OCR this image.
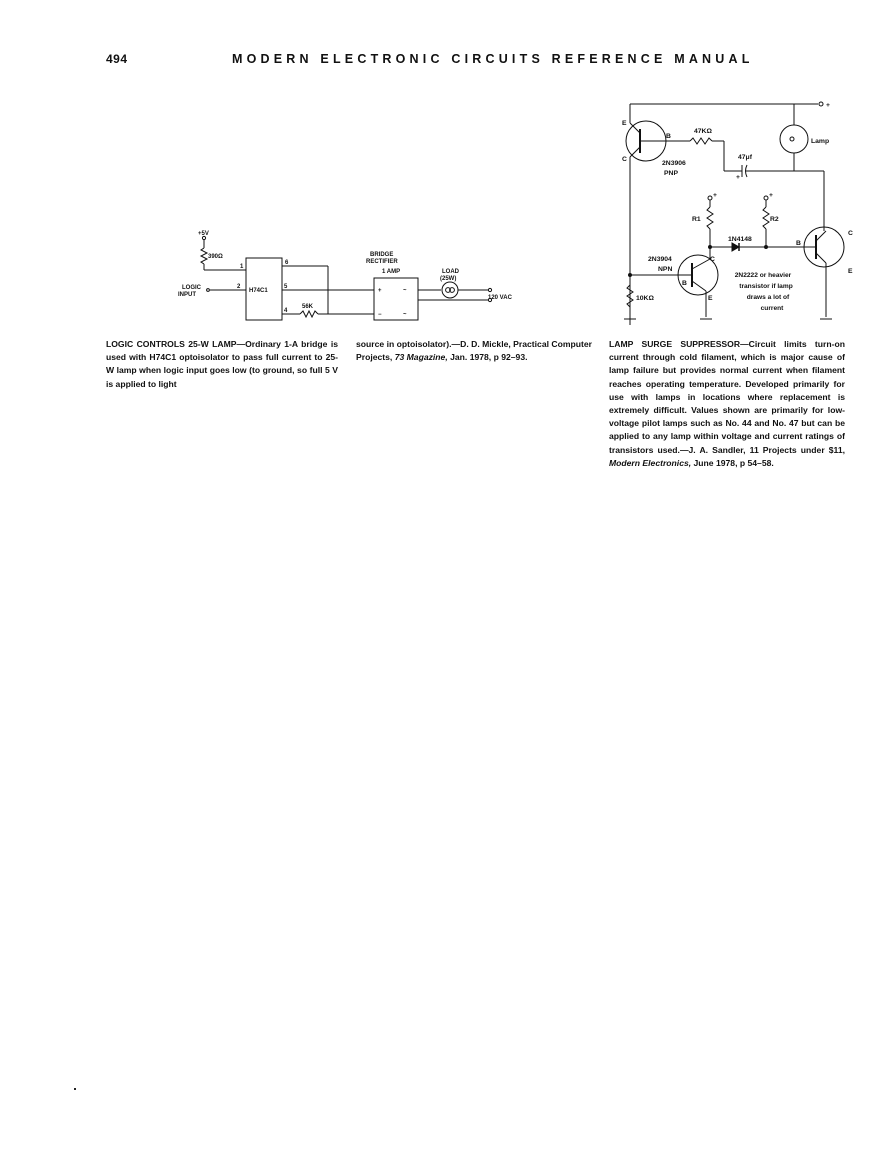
494	MODERN ELECTRONIC CIRCUITS REFERENCE MANUAL
+5V
390Ω
LOGIC
INPUT
H74C1
1
2
6
5
4
56K
BRIDGE
RECTIFIER
1 AMP
+
−
~
~
LOAD
(25W)
120 VAC
LOGIC CONTROLS 25-W LAMP—Ordinary 1-A bridge is used with H74C1 optoisolator to pass full current to 25-W lamp when logic input goes low (to ground, so full 5 V is applied to light
source in optoisolator).—D. D. Mickle, Practical Computer Projects, 73 Magazine, Jan. 1978, p 92–93.
+
E
B
C
2N3906
PNP
47KΩ
47μf
+
Lamp
+	+
R1	R2
1N4148
2N3904
NPN
C
B
E
10KΩ
B
C
E
2N2222 or heavier
transistor if lamp
draws a lot of
current
LAMP SURGE SUPPRESSOR—Circuit limits turn-on current through cold filament, which is major cause of lamp failure but provides normal current when filament reaches operating temperature. Developed primarily for use with lamps in locations where replacement is extremely difficult. Values shown are primarily for low-voltage pilot lamps such as No. 44 and No. 47 but can be applied to any lamp within voltage and current ratings of transistors used.—J. A. Sandler, 11 Projects under $11, Modern Electronics, June 1978, p 54–58.
